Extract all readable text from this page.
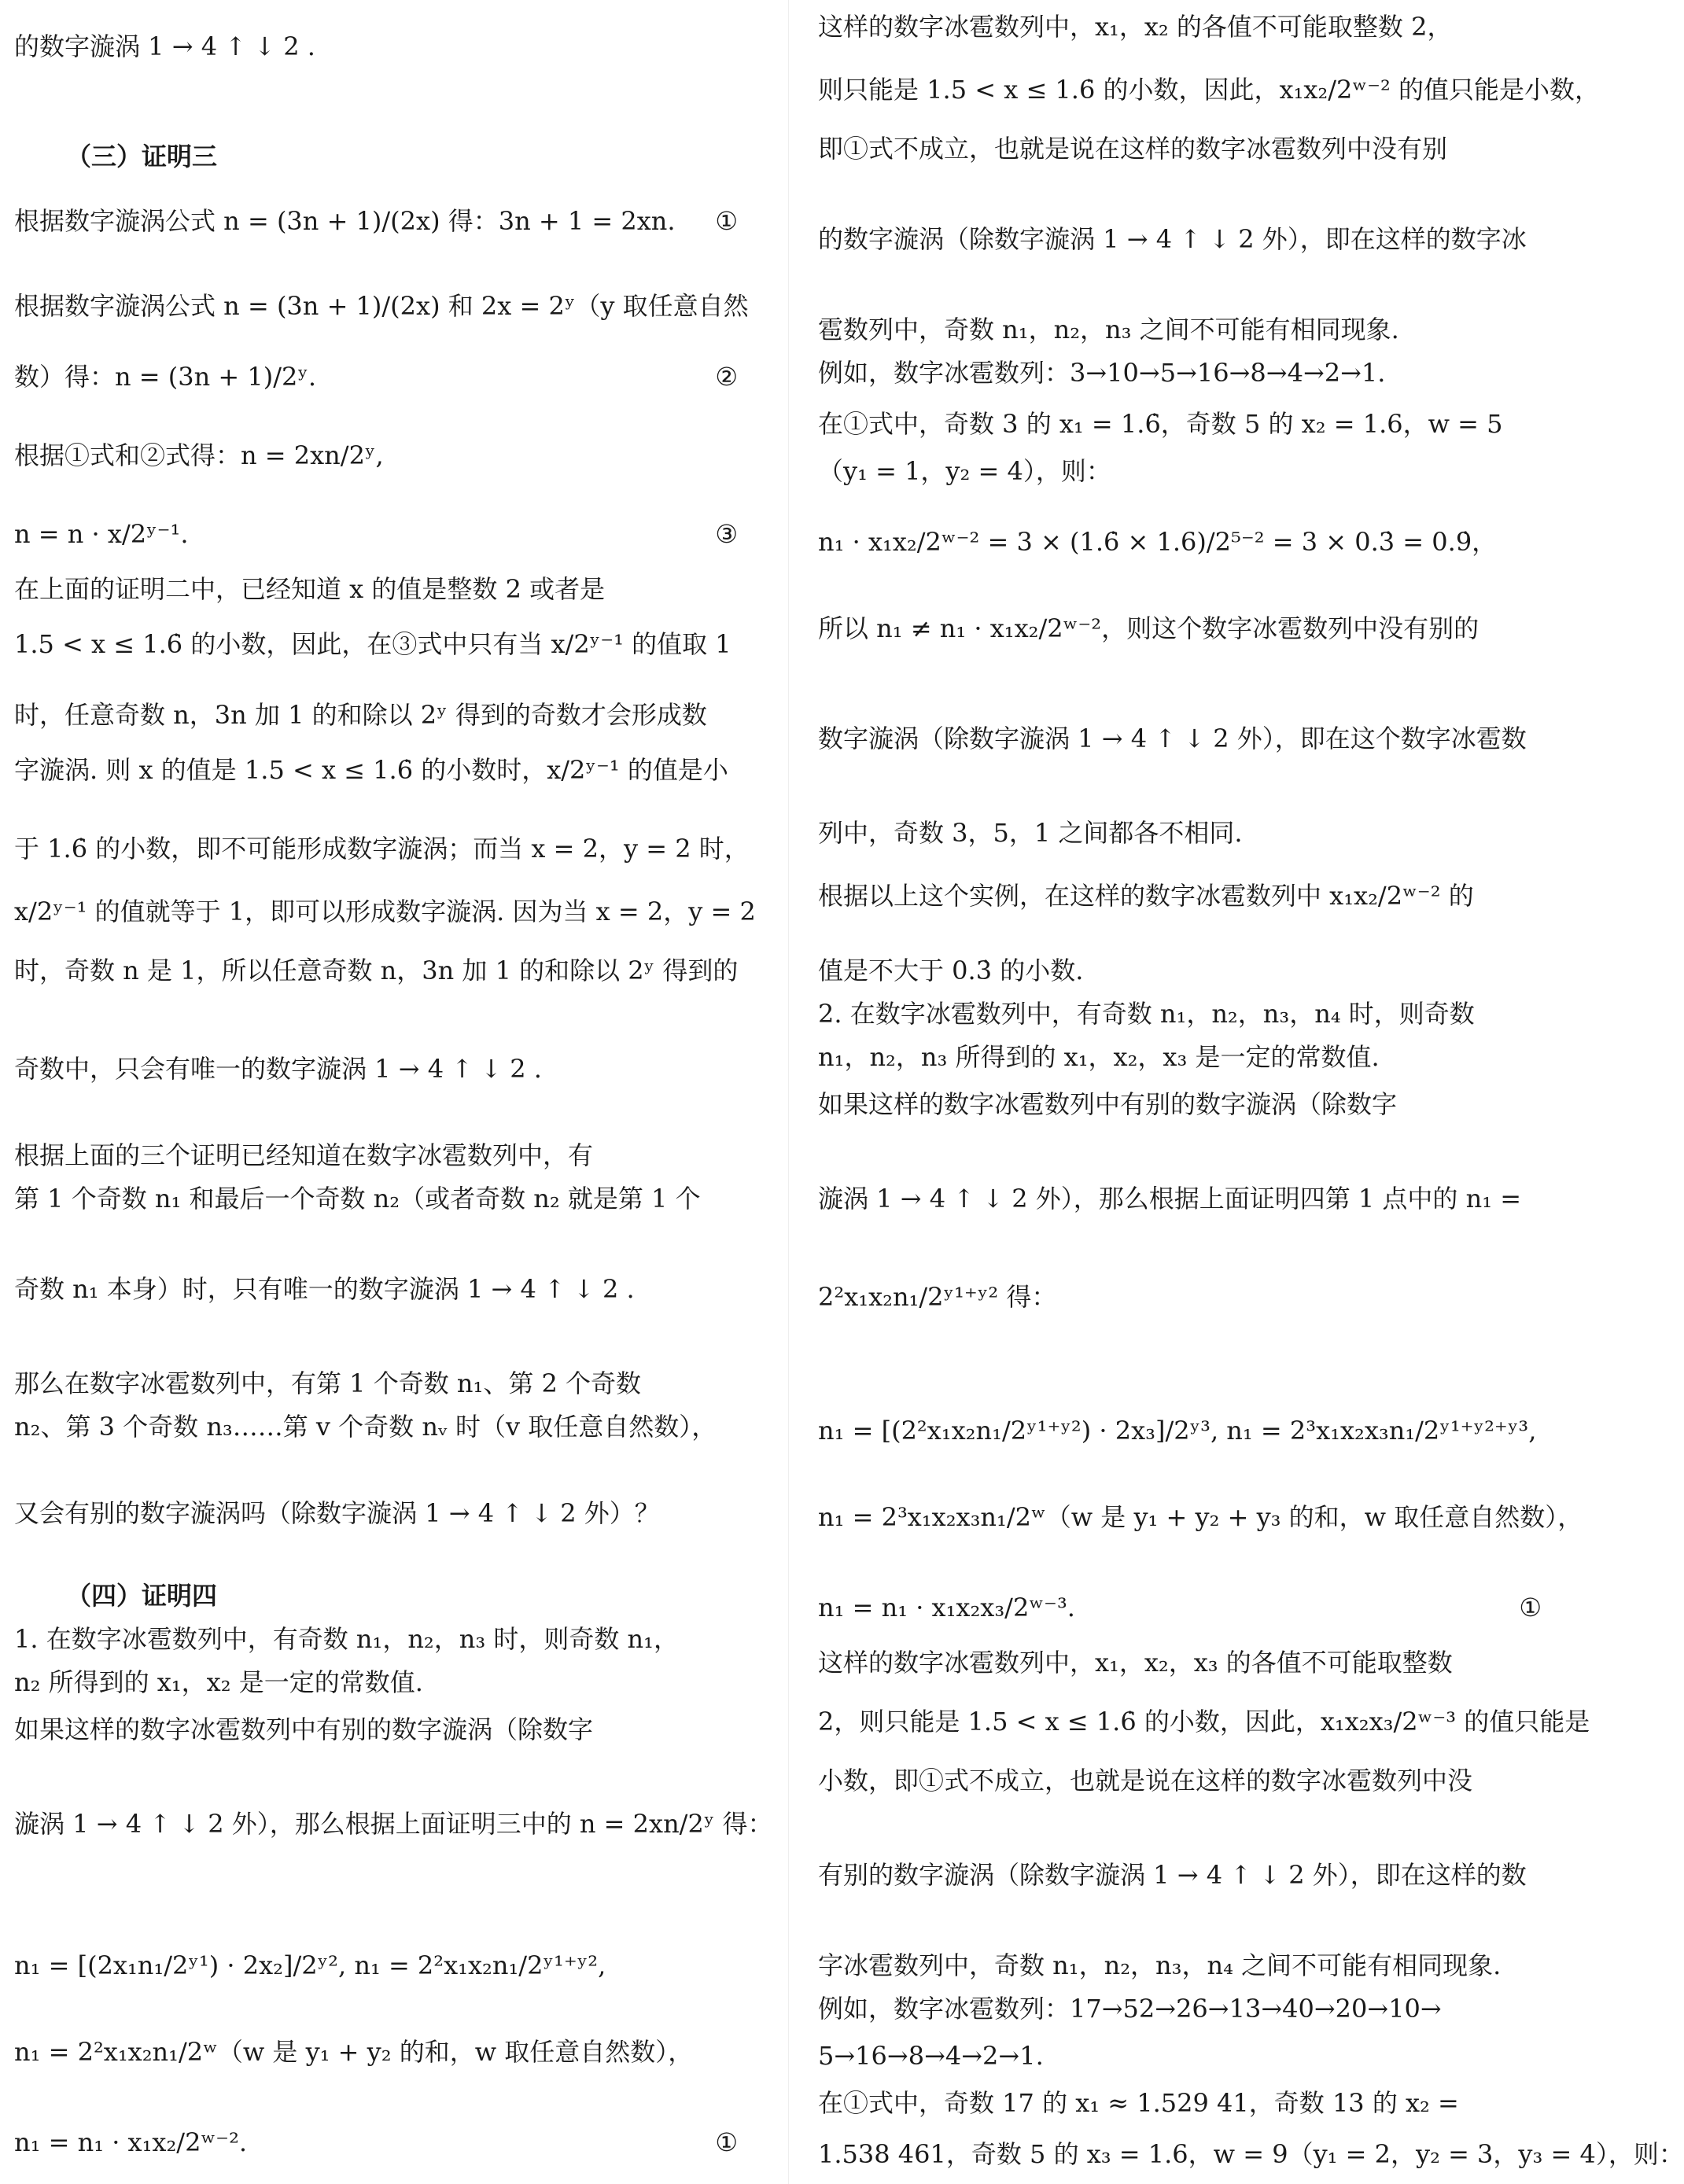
的数字漩涡 1 → 4 ↑ ↓ 2 .
（三）证明三
根据数字漩涡公式 n = (3n + 1)/(2x) 得：3n + 1 = 2xn. ①
根据数字漩涡公式 n = (3n + 1)/(2x) 和 2x = 2ʸ（y 取任意自然
数）得：n = (3n + 1)/2ʸ.	②
根据①式和②式得：n = 2xn/2ʸ,
n = n · x/2ʸ⁻¹.	③
在上面的证明二中，已经知道 x 的值是整数 2 或者是
1.5 < x ≤ 1.6̇ 的小数，因此，在③式中只有当 x/2ʸ⁻¹ 的值取 1
时，任意奇数 n，3n 加 1 的和除以 2ʸ 得到的奇数才会形成数
字漩涡. 则 x 的值是 1.5 < x ≤ 1.6̇ 的小数时，x/2ʸ⁻¹ 的值是小
于 1.6̇ 的小数，即不可能形成数字漩涡；而当 x = 2，y = 2 时，
x/2ʸ⁻¹ 的值就等于 1，即可以形成数字漩涡. 因为当 x = 2，y = 2
时，奇数 n 是 1，所以任意奇数 n，3n 加 1 的和除以 2ʸ 得到的
奇数中，只会有唯一的数字漩涡 1 → 4 ↑ ↓ 2 .
根据上面的三个证明已经知道在数字冰雹数列中，有
第 1 个奇数 n₁ 和最后一个奇数 n₂（或者奇数 n₂ 就是第 1 个
奇数 n₁ 本身）时，只有唯一的数字漩涡 1 → 4 ↑ ↓ 2 .
那么在数字冰雹数列中，有第 1 个奇数 n₁、第 2 个奇数
n₂、第 3 个奇数 n₃……第 v 个奇数 nᵥ 时（v 取任意自然数），
又会有别的数字漩涡吗（除数字漩涡 1 → 4 ↑ ↓ 2 外）？
（四）证明四
1. 在数字冰雹数列中，有奇数 n₁，n₂，n₃ 时，则奇数 n₁，
n₂ 所得到的 x₁，x₂ 是一定的常数值.
如果这样的数字冰雹数列中有别的数字漩涡（除数字
漩涡 1 → 4 ↑ ↓ 2 外），那么根据上面证明三中的 n = 2xn/2ʸ 得：
n₁ = [(2x₁n₁/2ʸ¹) · 2x₂]/2ʸ², n₁ = 2²x₁x₂n₁/2ʸ¹⁺ʸ²,
n₁ = 2²x₁x₂n₁/2ʷ（w 是 y₁ + y₂ 的和，w 取任意自然数），
n₁ = n₁ · x₁x₂/2ʷ⁻².	①
这样的数字冰雹数列中，x₁，x₂ 的各值不可能取整数 2，
则只能是 1.5 < x ≤ 1.6̇ 的小数，因此，x₁x₂/2ʷ⁻² 的值只能是小数，
即①式不成立，也就是说在这样的数字冰雹数列中没有别
的数字漩涡（除数字漩涡 1 → 4 ↑ ↓ 2 外），即在这样的数字冰
雹数列中，奇数 n₁，n₂，n₃ 之间不可能有相同现象.
例如，数字冰雹数列：3→10→5→16→8→4→2→1.
在①式中，奇数 3 的 x₁ = 1.6̇，奇数 5 的 x₂ = 1.6，w = 5
（y₁ = 1，y₂ = 4），则：
n₁ · x₁x₂/2ʷ⁻² = 3 × (1.6̇ × 1.6)/2⁵⁻² = 3 × 0.3̇ = 0.9̇，
所以 n₁ ≠ n₁ · x₁x₂/2ʷ⁻²，则这个数字冰雹数列中没有别的
数字漩涡（除数字漩涡 1 → 4 ↑ ↓ 2 外），即在这个数字冰雹数
列中，奇数 3，5，1 之间都各不相同.
根据以上这个实例，在这样的数字冰雹数列中 x₁x₂/2ʷ⁻² 的
值是不大于 0.3̇ 的小数.
2. 在数字冰雹数列中，有奇数 n₁，n₂，n₃，n₄ 时，则奇数
n₁，n₂，n₃ 所得到的 x₁，x₂，x₃ 是一定的常数值.
如果这样的数字冰雹数列中有别的数字漩涡（除数字
漩涡 1 → 4 ↑ ↓ 2 外），那么根据上面证明四第 1 点中的 n₁ =
2²x₁x₂n₁/2ʸ¹⁺ʸ² 得：
n₁ = [(2²x₁x₂n₁/2ʸ¹⁺ʸ²) · 2x₃]/2ʸ³, n₁ = 2³x₁x₂x₃n₁/2ʸ¹⁺ʸ²⁺ʸ³,
n₁ = 2³x₁x₂x₃n₁/2ʷ（w 是 y₁ + y₂ + y₃ 的和，w 取任意自然数），
n₁ = n₁ · x₁x₂x₃/2ʷ⁻³.	①
这样的数字冰雹数列中，x₁，x₂，x₃ 的各值不可能取整数
2，则只能是 1.5 < x ≤ 1.6̇ 的小数，因此，x₁x₂x₃/2ʷ⁻³ 的值只能是
小数，即①式不成立，也就是说在这样的数字冰雹数列中没
有别的数字漩涡（除数字漩涡 1 → 4 ↑ ↓ 2 外），即在这样的数
字冰雹数列中，奇数 n₁，n₂，n₃，n₄ 之间不可能有相同现象.
例如，数字冰雹数列：17→52→26→13→40→20→10→
5→16→8→4→2→1.
在①式中，奇数 17 的 x₁ ≈ 1.529 41，奇数 13 的 x₂ =
1.538 461，奇数 5 的 x₃ = 1.6，w = 9（y₁ = 2，y₂ = 3，y₃ = 4），则：
